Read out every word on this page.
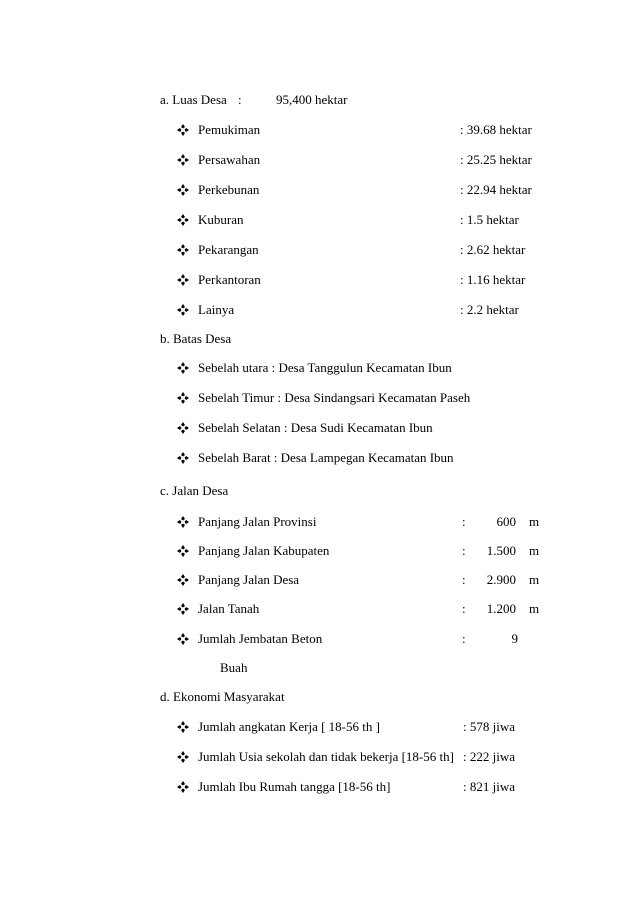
a. Luas Desa :	95,400 hektar
Pemukiman	: 39.68 hektar
Persawahan	: 25.25 hektar
Perkebunan	: 22.94 hektar
Kuburan	: 1.5 hektar
Pekarangan	: 2.62 hektar
Perkantoran	: 1.16 hektar
Lainya	: 2.2 hektar
b. Batas Desa
Sebelah utara : Desa Tanggulun Kecamatan Ibun
Sebelah Timur : Desa Sindangsari Kecamatan Paseh
Sebelah Selatan : Desa Sudi Kecamatan Ibun
Sebelah Barat : Desa Lampegan Kecamatan Ibun
c. Jalan Desa
Panjang Jalan Provinsi	:	600 m
Panjang Jalan Kabupaten	:	1.500 m
Panjang Jalan Desa	:	2.900 m
Jalan Tanah	:	1.200 m
Jumlah Jembatan Beton	:	9
Buah
d. Ekonomi Masyarakat
Jumlah angkatan Kerja [ 18-56 th ]	: 578 jiwa
Jumlah Usia sekolah dan tidak bekerja [18-56 th] : 222 jiwa
Jumlah Ibu Rumah tangga [18-56 th]	: 821 jiwa
